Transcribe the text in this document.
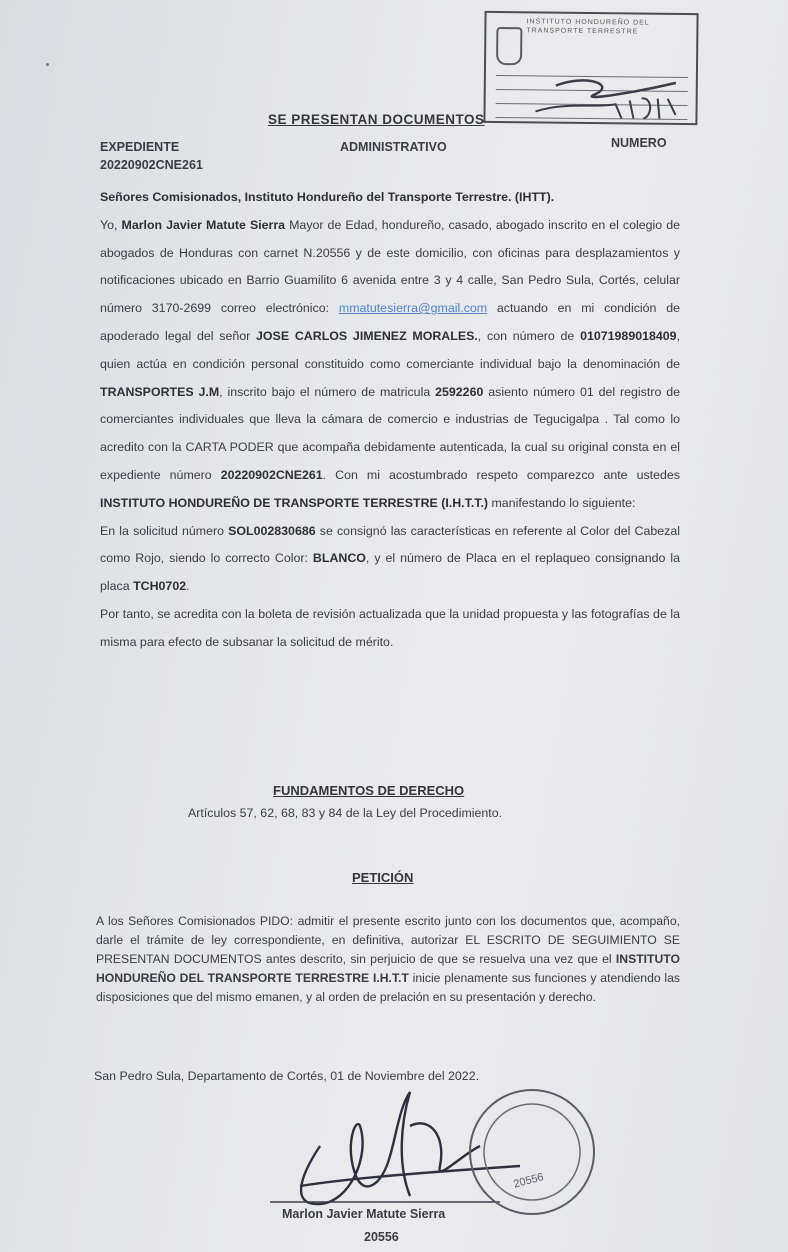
INSTITUTO HONDUREÑO DEL TRANSPORTE TERRESTRE
SE PRESENTAN DOCUMENTOS
EXPEDIENTE
20220902CNE261
ADMINISTRATIVO	NUMERO
Señores Comisionados, Instituto Hondureño del Transporte Terrestre. (IHTT).
Yo, Marlon Javier Matute Sierra Mayor de Edad, hondureño, casado, abogado inscrito en el colegio de abogados de Honduras con carnet N.20556 y de este domicilio, con oficinas para desplazamientos y notificaciones ubicado en Barrio Guamilito 6 avenida entre 3 y 4 calle, San Pedro Sula, Cortés, celular número 3170-2699 correo electrónico: mmatutesierra@gmail.com actuando en mi condición de apoderado legal del señor JOSE CARLOS JIMENEZ MORALES., con número de 01071989018409, quien actúa en condición personal constituido como comerciante individual bajo la denominación de TRANSPORTES J.M, inscrito bajo el número de matricula 2592260 asiento número 01 del registro de comerciantes individuales que lleva la cámara de comercio e industrias de Tegucigalpa . Tal como lo acredito con la CARTA PODER que acompaña debidamente autenticada, la cual su original consta en el expediente número 20220902CNE261. Con mi acostumbrado respeto comparezco ante ustedes INSTITUTO HONDUREÑO DE TRANSPORTE TERRESTRE (I.H.T.T.) manifestando lo siguiente:
En la solicitud número SOL002830686 se consignó las características en referente al Color del Cabezal como Rojo, siendo lo correcto Color: BLANCO, y el número de Placa en el replaqueo consignando la placa TCH0702.
Por tanto, se acredita con la boleta de revisión actualizada que la unidad propuesta y las fotografías de la misma para efecto de subsanar la solicitud de mérito.
FUNDAMENTOS DE DERECHO
Artículos 57, 62, 68, 83 y 84 de la Ley del Procedimiento.
PETICIÓN
A los Señores Comisionados PIDO: admitir el presente escrito junto con los documentos que, acompaño, darle el trámite de ley correspondiente, en definitiva, autorizar EL ESCRITO DE SEGUIMIENTO SE PRESENTAN DOCUMENTOS antes descrito, sin perjuicio de que se resuelva una vez que el INSTITUTO HONDUREÑO DEL TRANSPORTE TERRESTRE I.H.T.T inicie plenamente sus funciones y atendiendo las disposiciones que del mismo emanen, y al orden de prelación en su presentación y derecho.
San Pedro Sula, Departamento de Cortés, 01 de Noviembre del 2022.
20556
Marlon Javier Matute Sierra
20556
